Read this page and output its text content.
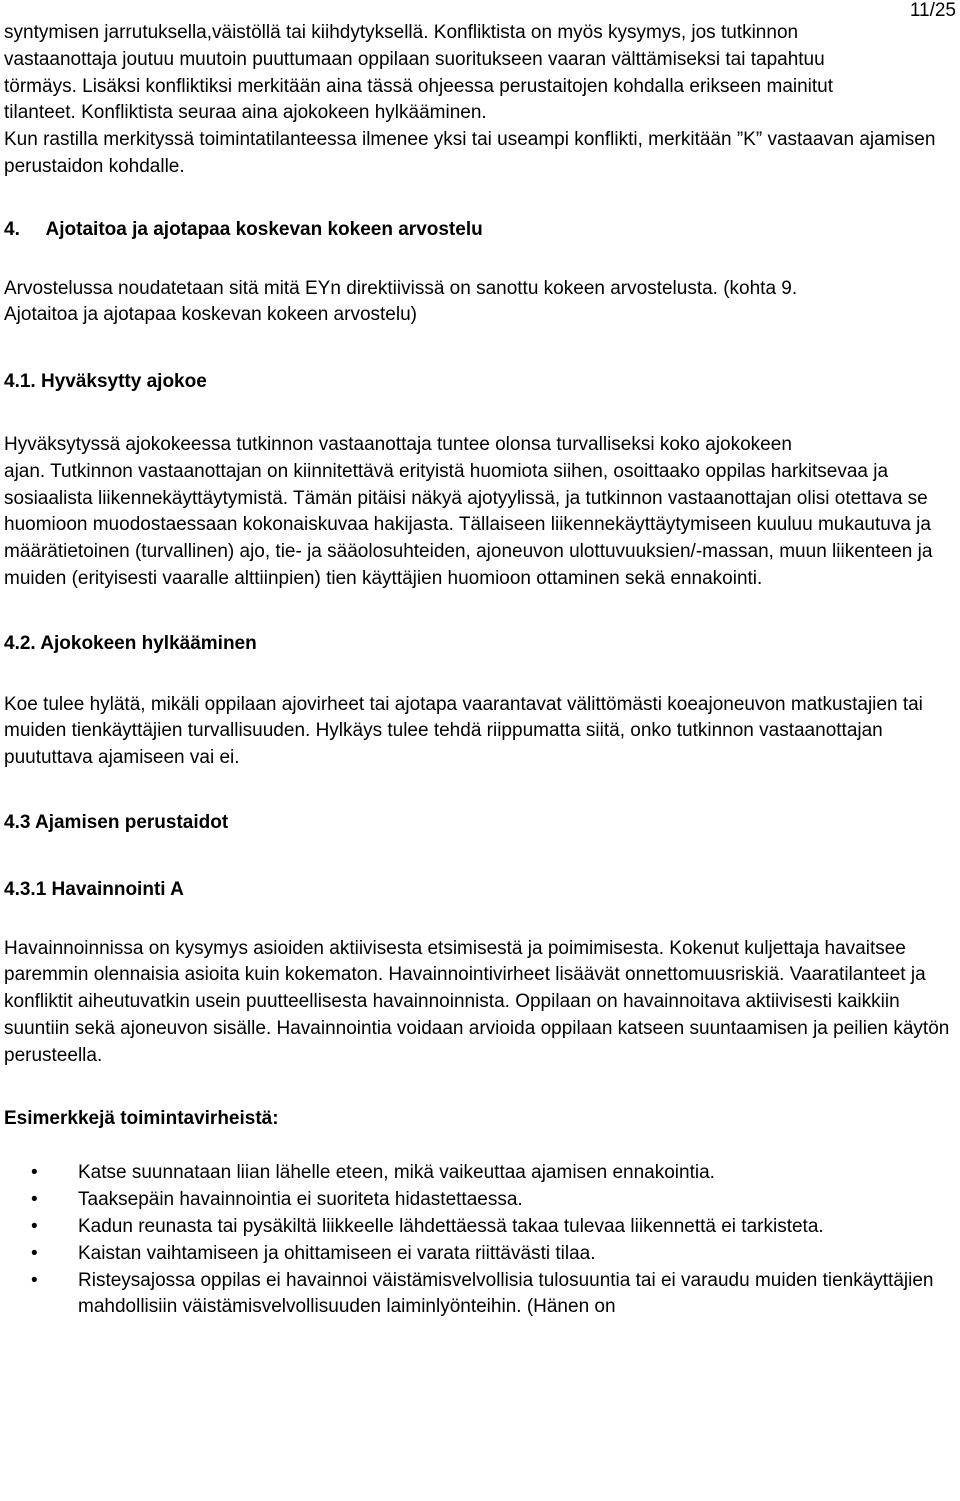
11/25

syntymisen jarrutuksella,väistöllä tai kiihdytyksellä. Konfliktista on myös kysymys, jos tutkinnon vastaanottaja joutuu muutoin puuttumaan oppilaan suoritukseen vaaran välttämiseksi tai tapahtuu törmäys. Lisäksi konfliktiksi merkitään aina tässä ohjeessa perustaitojen kohdalla erikseen mainitut tilanteet. Konfliktista seuraa aina ajokokeen hylkääminen.

Kun rastilla merkityssä toimintatilanteessa ilmenee yksi tai useampi konflikti, merkitään ”K” vastaavan ajamisen perustaidon kohdalle.

4.     Ajotaitoa ja ajotapaa koskevan kokeen arvostelu

Arvostelussa noudatetaan sitä mitä EYn direktiivissä on sanottu kokeen arvostelusta. (kohta 9.

Ajotaitoa ja ajotapaa koskevan kokeen arvostelu)

4.1. Hyväksytty ajokoe

Hyväksytyssä ajokokeessa tutkinnon vastaanottaja tuntee olonsa turvalliseksi koko ajokokeen

ajan. Tutkinnon vastaanottajan on kiinnitettävä erityistä huomiota siihen, osoittaako oppilas harkitsevaa ja sosiaalista liikennekäyttäytymistä. Tämän pitäisi näkyä ajotyylissä, ja tutkinnon vastaanottajan olisi otettava se huomioon muodostaessaan kokonaiskuvaa hakijasta. Tällaiseen liikennekäyttäytymiseen kuuluu mukautuva ja määrätietoinen (turvallinen) ajo, tie- ja sääolosuhteiden, ajoneuvon ulottuvuuksien/-massan, muun liikenteen ja muiden (erityisesti vaaralle alttiinpien) tien käyttäjien huomioon ottaminen sekä ennakointi.

4.2. Ajokokeen hylkääminen

Koe tulee hylätä, mikäli oppilaan ajovirheet tai ajotapa vaarantavat välittömästi koeajoneuvon matkustajien tai muiden tienkäyttäjien turvallisuuden. Hylkäys tulee tehdä riippumatta siitä, onko tutkinnon vastaanottajan puututtava ajamiseen vai ei.

4.3 Ajamisen perustaidot
4.3.1 Havainnointi A

Havainnoinnissa on kysymys asioiden aktiivisesta etsimisestä ja poimimisesta. Kokenut kuljettaja havaitsee paremmin olennaisia asioita kuin kokematon. Havainnointivirheet lisäävät onnettomuusriskiä. Vaaratilanteet ja konfliktit aiheutuvatkin usein puutteellisesta havainnoinnista. Oppilaan on havainnoitava aktiivisesti kaikkiin suuntiin sekä ajoneuvon sisälle. Havainnointia voidaan arvioida oppilaan katseen suuntaamisen ja peilien käytön perusteella.

Esimerkkejä toimintavirheistä:
• Katse suunnataan liian lähelle eteen, mikä vaikeuttaa ajamisen ennakointia.
• Taaksepäin havainnointia ei suoriteta hidastettaessa.
• Kadun reunasta tai pysäkiltä liikkeelle lähdettäessä takaa tulevaa liikennettä ei tarkisteta.
• Kaistan vaihtamiseen ja ohittamiseen ei varata riittävästi tilaa.
• Risteysajossa oppilas ei havainnoi väistämisvelvollisia tulosuuntia tai ei varaudu muiden tienkäyttäjien mahdollisiin väistämisvelvollisuuden laiminlyönteihin. (Hänen on
